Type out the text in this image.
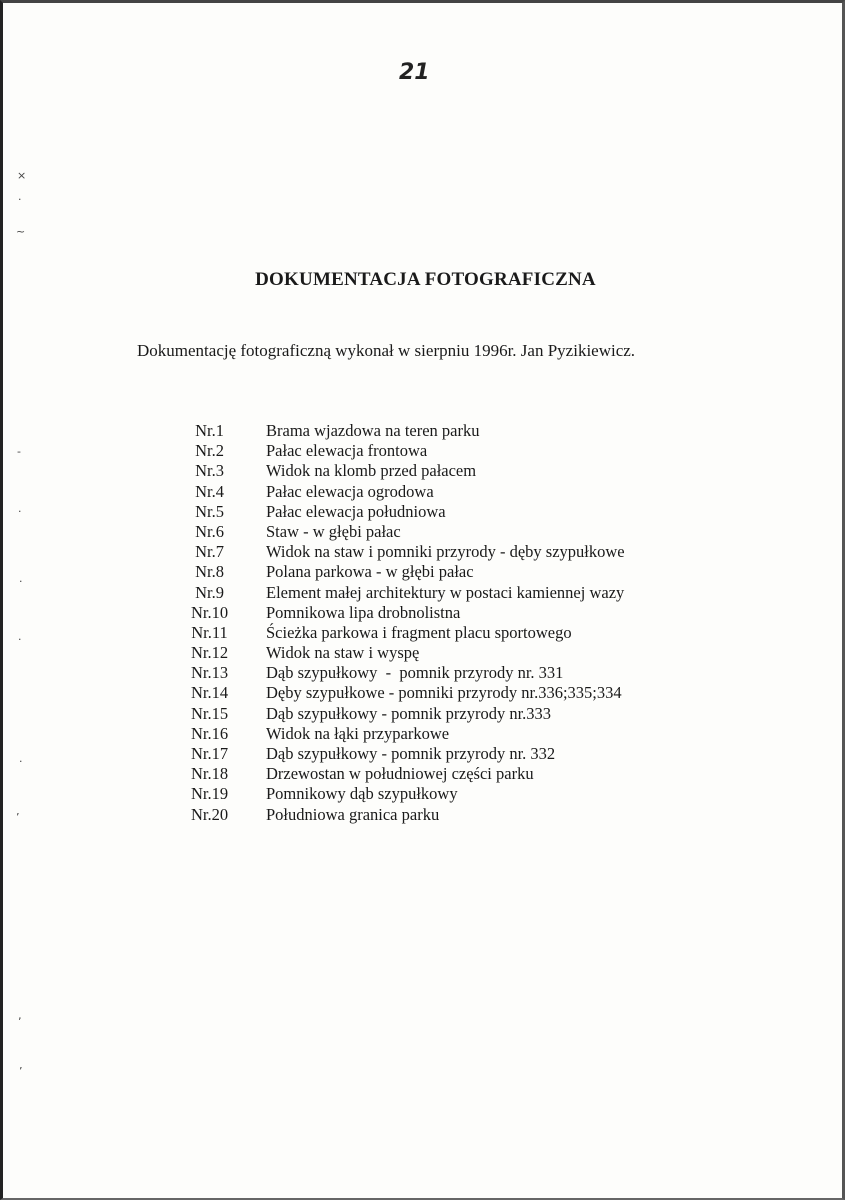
21
DOKUMENTACJA FOTOGRAFICZNA
Dokumentację fotograficzną wykonał w sierpniu 1996r. Jan Pyzikiewicz.
Nr.1	Brama wjazdowa na teren parku
Nr.2	Pałac elewacja frontowa
Nr.3	Widok na klomb przed pałacem
Nr.4	Pałac elewacja ogrodowa
Nr.5	Pałac elewacja południowa
Nr.6	Staw - w głębi pałac
Nr.7	Widok na staw i pomniki przyrody - dęby szypułkowe
Nr.8	Polana parkowa - w głębi pałac
Nr.9	Element małej architektury w postaci kamiennej wazy
Nr.10	Pomnikowa lipa drobnolistna
Nr.11	Ścieżka parkowa i fragment placu sportowego
Nr.12	Widok na staw i wyspę
Nr.13	Dąb szypułkowy  -  pomnik przyrody nr. 331
Nr.14	Dęby szypułkowe - pomniki przyrody nr.336;335;334
Nr.15	Dąb szypułkowy - pomnik przyrody nr.333
Nr.16	Widok na łąki przyparkowe
Nr.17	Dąb szypułkowy - pomnik przyrody nr. 332
Nr.18	Drzewostan w południowej części parku
Nr.19	Pomnikowy dąb szypułkowy
Nr.20	Południowa granica parku
×
·
~
‐
·
·
·
·
’
‚
’
